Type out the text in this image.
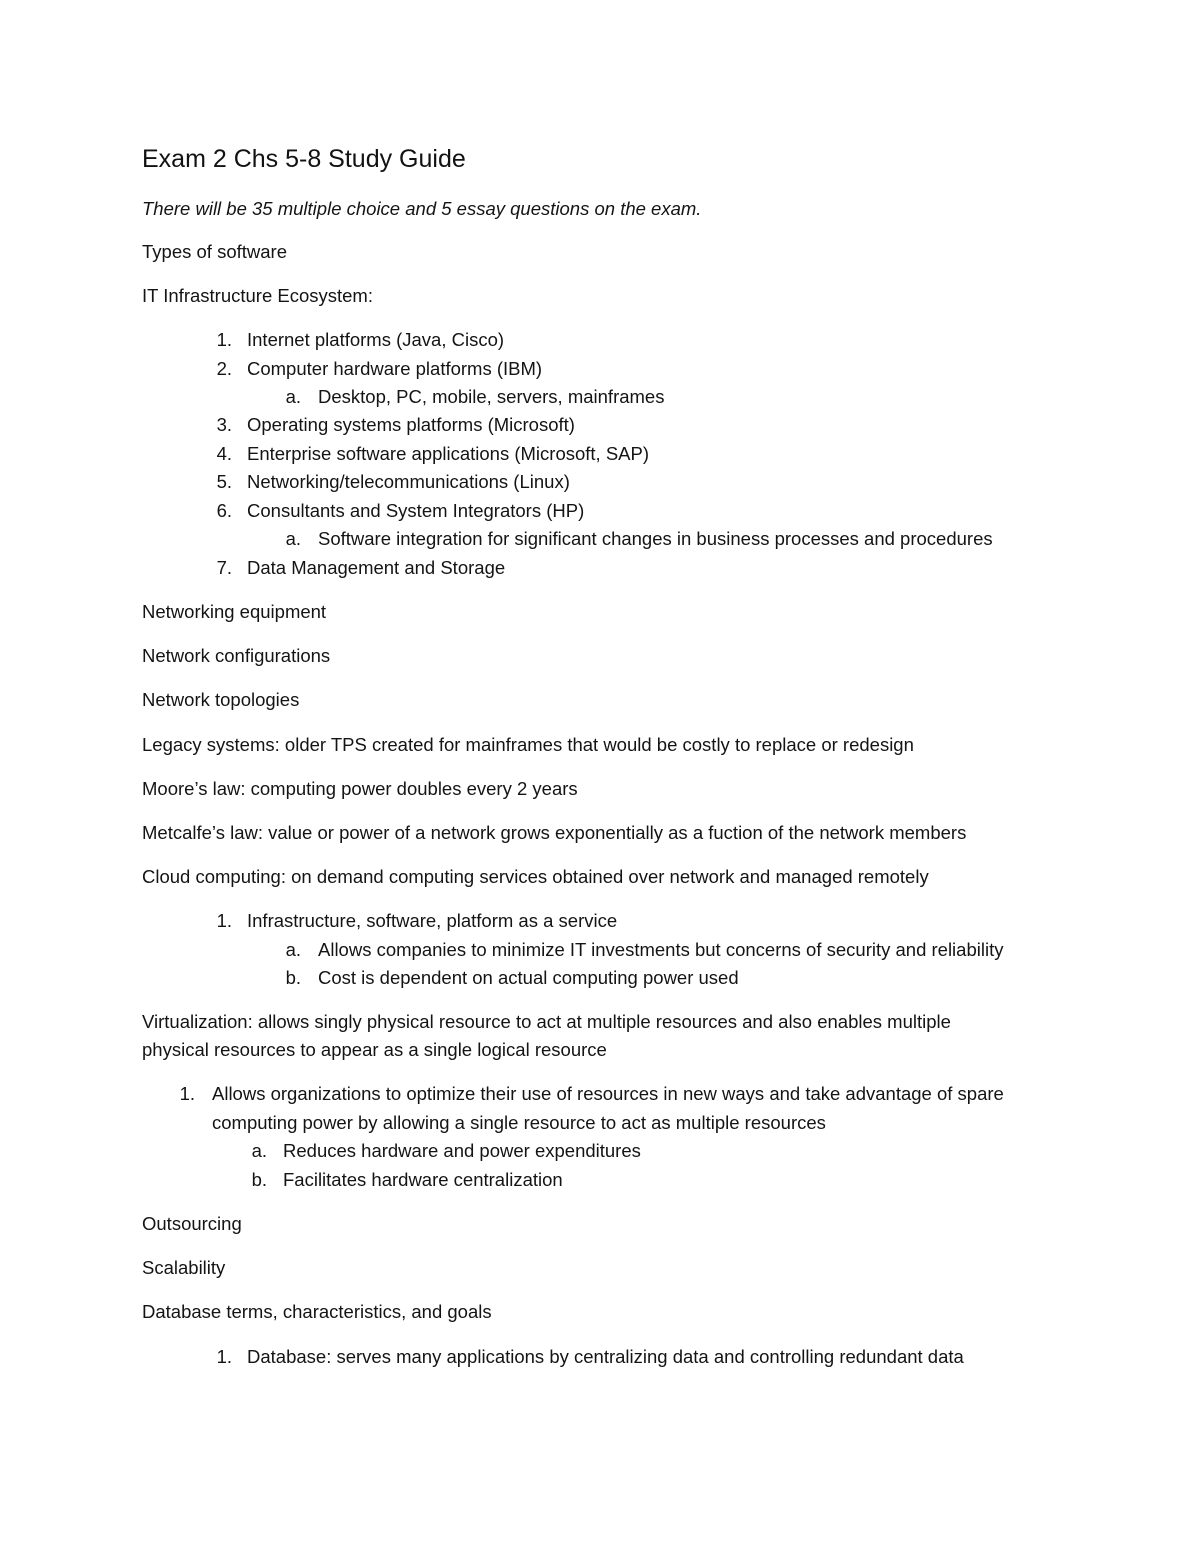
Exam 2 Chs 5-8 Study Guide
There will be 35 multiple choice and 5 essay questions on the exam.
Types of software
IT Infrastructure Ecosystem:
1. Internet platforms (Java, Cisco)
2. Computer hardware platforms (IBM)
a. Desktop, PC, mobile, servers, mainframes
3. Operating systems platforms (Microsoft)
4. Enterprise software applications (Microsoft, SAP)
5. Networking/telecommunications (Linux)
6. Consultants and System Integrators (HP)
a. Software integration for significant changes in business processes and procedures
7. Data Management and Storage
Networking equipment
Network configurations
Network topologies
Legacy systems: older TPS created for mainframes that would be costly to replace or redesign
Moore’s law: computing power doubles every 2 years
Metcalfe’s law: value or power of a network grows exponentially as a fuction of the network members
Cloud computing: on demand computing services obtained over network and managed remotely
1. Infrastructure, software, platform as a service
a. Allows companies to minimize IT investments but concerns of security and reliability
b. Cost is dependent on actual computing power used
Virtualization: allows singly physical resource to act at multiple resources and also enables multiple
physical resources to appear as a single logical resource
1. Allows organizations to optimize their use of resources in new ways and take advantage of spare
computing power by allowing a single resource to act as multiple resources
a. Reduces hardware and power expenditures
b. Facilitates hardware centralization
Outsourcing
Scalability
Database terms, characteristics, and goals
1. Database: serves many applications by centralizing data and controlling redundant data
